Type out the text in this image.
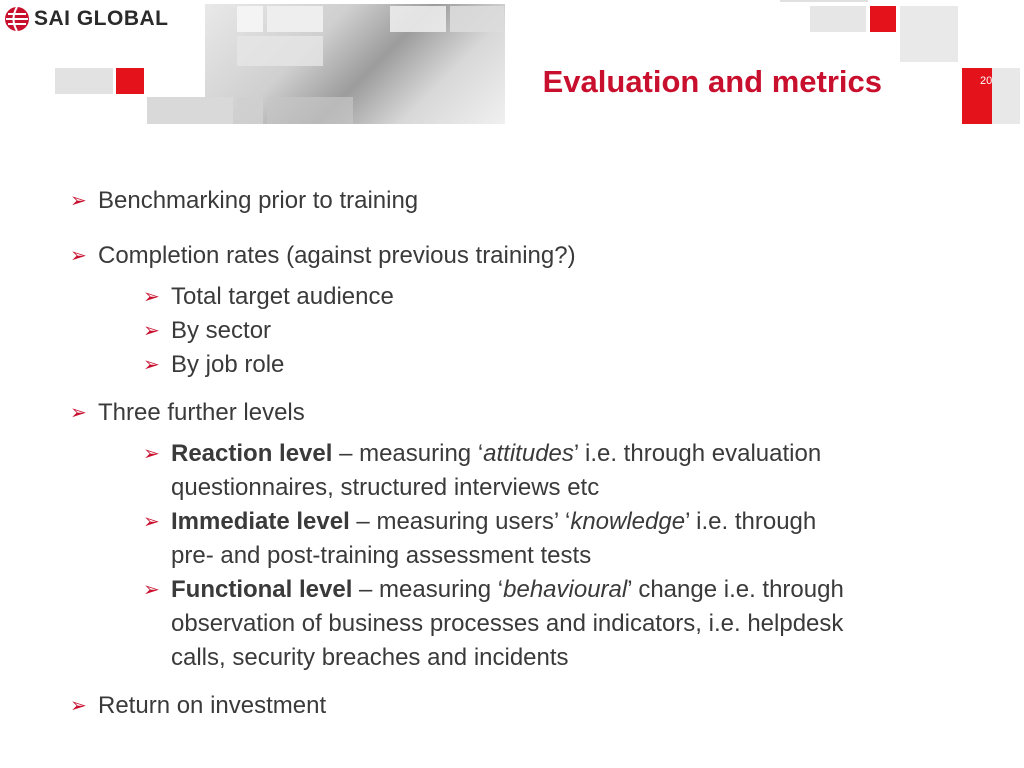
SAI GLOBAL
Evaluation and metrics	20
➢ Benchmarking prior to training
➢ Completion rates (against previous training?)
➢ Total target audience
➢ By sector
➢ By job role
➢ Three further levels
➢ Reaction level – measuring ‘attitudes’ i.e. through evaluation
questionnaires, structured interviews etc
➢ Immediate level – measuring users’ ‘knowledge’ i.e. through
pre- and post-training assessment tests
➢ Functional level – measuring ‘behavioural’ change i.e. through
observation of business processes and indicators, i.e. helpdesk
calls, security breaches and incidents
➢ Return on investment
